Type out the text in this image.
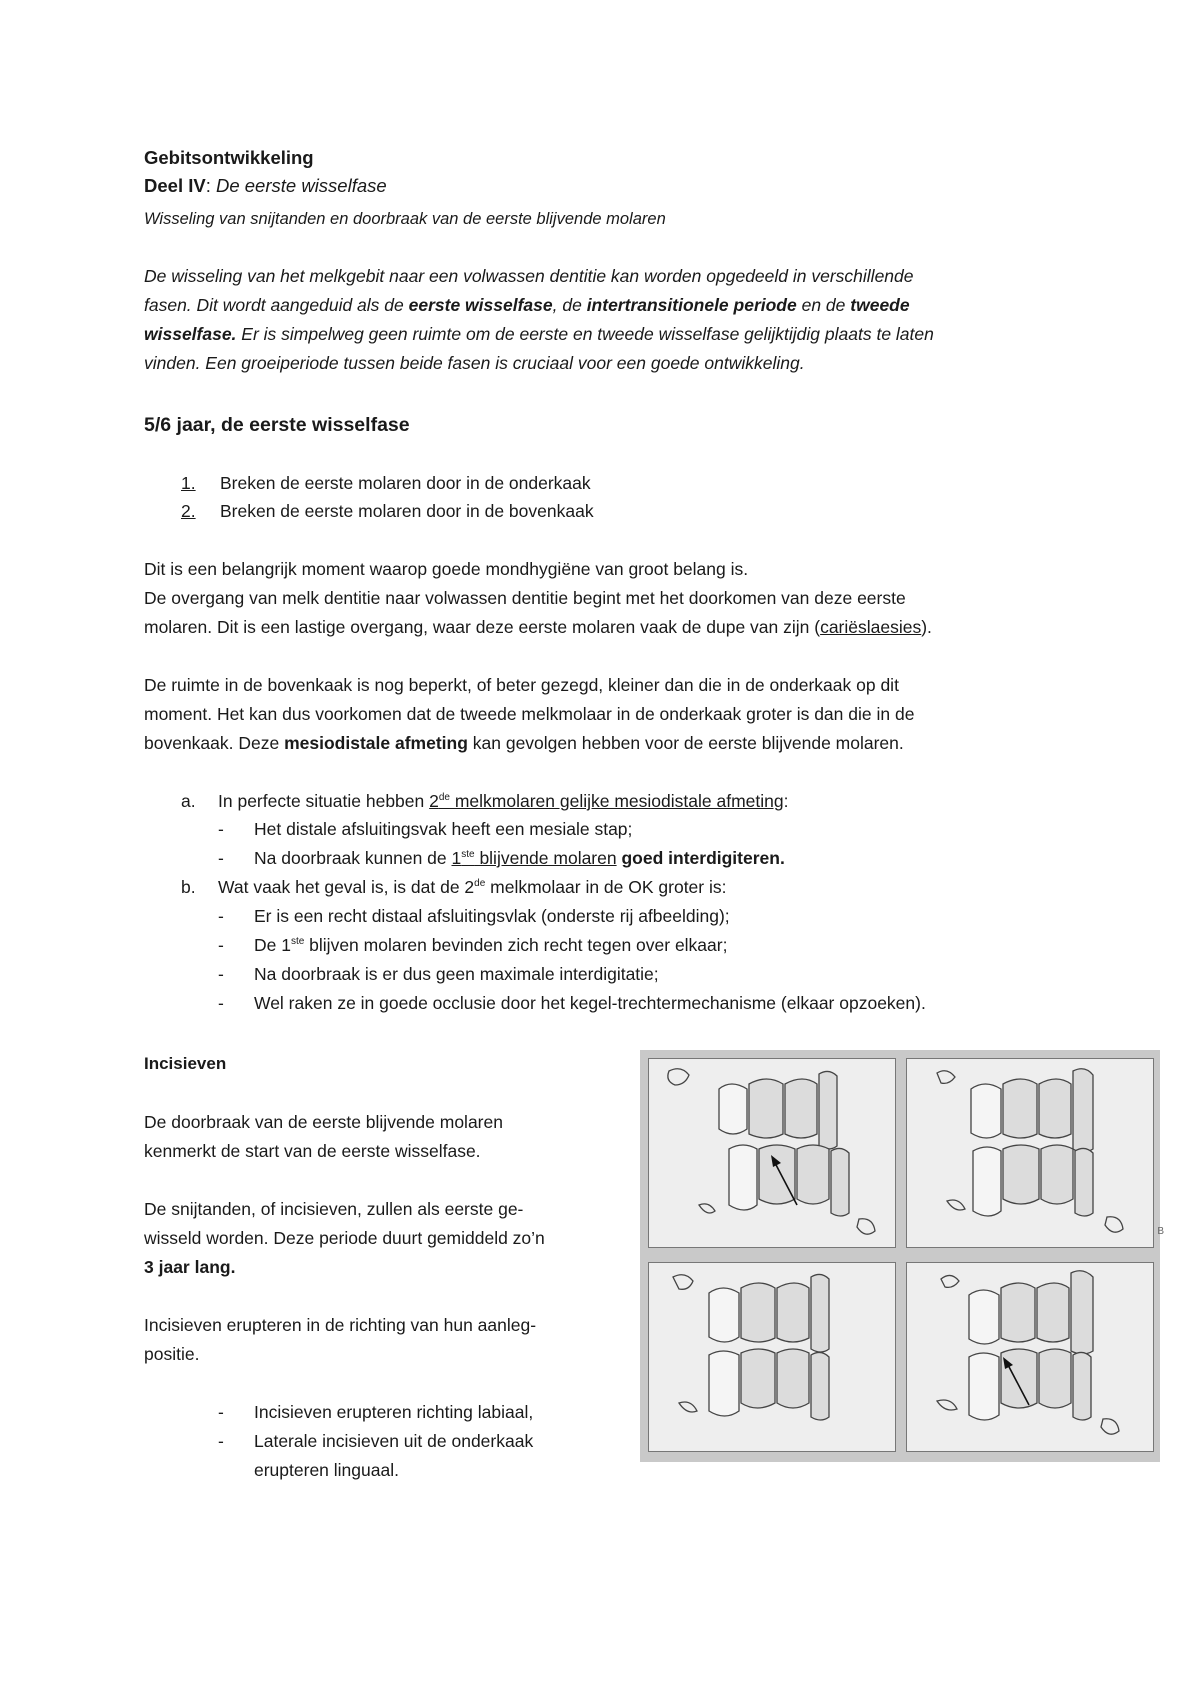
Gebitsontwikkeling
Deel IV: De eerste wisselfase
Wisseling van snijtanden en doorbraak van de eerste blijvende molaren
De wisseling van het melkgebit naar een volwassen dentitie kan worden opgedeeld in verschillende
fasen. Dit wordt aangeduid als de eerste wisselfase, de intertransitionele periode en de tweede
wisselfase. Er is simpelweg geen ruimte om de eerste en tweede wisselfase gelijktijdig plaats te laten
vinden. Een groeiperiode tussen beide fasen is cruciaal voor een goede ontwikkeling.
5/6 jaar, de eerste wisselfase
1. Breken de eerste molaren door in de onderkaak
2. Breken de eerste molaren door in de bovenkaak
Dit is een belangrijk moment waarop goede mondhygiëne van groot belang is.
De overgang van melk dentitie naar volwassen dentitie begint met het doorkomen van deze eerste
molaren. Dit is een lastige overgang, waar deze eerste molaren vaak de dupe van zijn (cariëslaesies).
De ruimte in de bovenkaak is nog beperkt, of beter gezegd, kleiner dan die in de onderkaak op dit
moment. Het kan dus voorkomen dat de tweede melkmolaar in de onderkaak groter is dan die in de
bovenkaak. Deze mesiodistale afmeting kan gevolgen hebben voor de eerste blijvende molaren.
a. In perfecte situatie hebben 2de melkmolaren gelijke mesiodistale afmeting:
- Het distale afsluitingsvak heeft een mesiale stap;
- Na doorbraak kunnen de 1ste blijvende molaren goed interdigiteren.
b. Wat vaak het geval is, is dat de 2de melkmolaar in de OK groter is:
- Er is een recht distaal afsluitingsvlak (onderste rij afbeelding);
- De 1ste blijven molaren bevinden zich recht tegen over elkaar;
- Na doorbraak is er dus geen maximale interdigitatie;
- Wel raken ze in goede occlusie door het kegel-trechtermechanisme (elkaar opzoeken).
Incisieven
De doorbraak van de eerste blijvende molaren
kenmerkt de start van de eerste wisselfase.
De snijtanden, of incisieven, zullen als eerste ge-
wisseld worden. Deze periode duurt gemiddeld zo’n
3 jaar lang.
Incisieven erupteren in de richting van hun aanleg-
positie.
- Incisieven erupteren richting labiaal,
- Laterale incisieven uit de onderkaak
erupteren linguaal.
B
